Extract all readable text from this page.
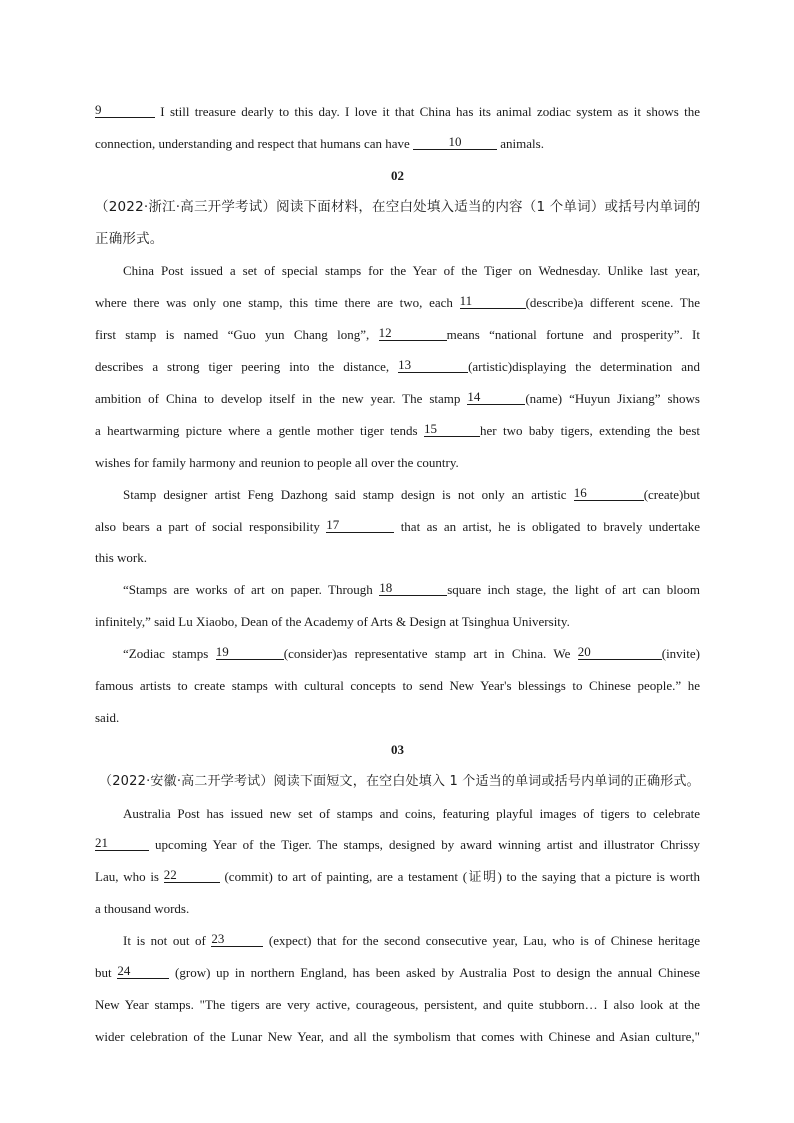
9	I still treasure dearly to this day. I love it that China has its animal zodiac system as it shows the
connection, understanding and respect that humans can have	10	animals.
02
（2022·浙江·高三开学考试）阅读下面材料，在空白处填入适当的内容（1 个单词）或括号内单词的
正确形式。
China Post issued a set of special stamps for the Year of the Tiger on Wednesday. Unlike last year,
where there was only one stamp, this time there are two, each 11	(describe)a different scene. The
first stamp is named “Guo yun Chang long”, 12	means “national fortune and prosperity”. It
describes a strong tiger peering into the distance, 13	(artistic)displaying the determination and
ambition of China to develop itself in the new year. The stamp 14	(name) “Huyun Jixiang” shows
a heartwarming picture where a gentle mother tiger tends 15	her two baby tigers, extending the best
wishes for family harmony and reunion to people all over the country.
Stamp designer artist Feng Dazhong said stamp design is not only an artistic 16	(create)but
also bears a part of social responsibility 17	that as an artist, he is obligated to bravely undertake
this work.
“Stamps are works of art on paper. Through 18	square inch stage, the light of art can bloom
infinitely,” said Lu Xiaobo, Dean of the Academy of Arts & Design at Tsinghua University.
“Zodiac stamps 19	(consider)as representative stamp art in China. We 20	(invite)
famous artists to create stamps with cultural concepts to send New Year's blessings to Chinese people.” he
said.
03
（2022·安徽·高二开学考试）阅读下面短文，在空白处填入 1 个适当的单词或括号内单词的正确形式。
Australia Post has issued new set of stamps and coins, featuring playful images of tigers to celebrate
21	upcoming Year of the Tiger. The stamps, designed by award winning artist and illustrator Chrissy
Lau, who is 22	(commit) to art of painting, are a testament (证明) to the saying that a picture is worth
a thousand words.
It is not out of 23	(expect) that for the second consecutive year, Lau, who is of Chinese heritage
but 24	(grow) up in northern England, has been asked by Australia Post to design the annual Chinese
New Year stamps. "The tigers are very active, courageous, persistent, and quite stubborn… I also look at the
wider celebration of the Lunar New Year, and all the symbolism that comes with Chinese and Asian culture,"
